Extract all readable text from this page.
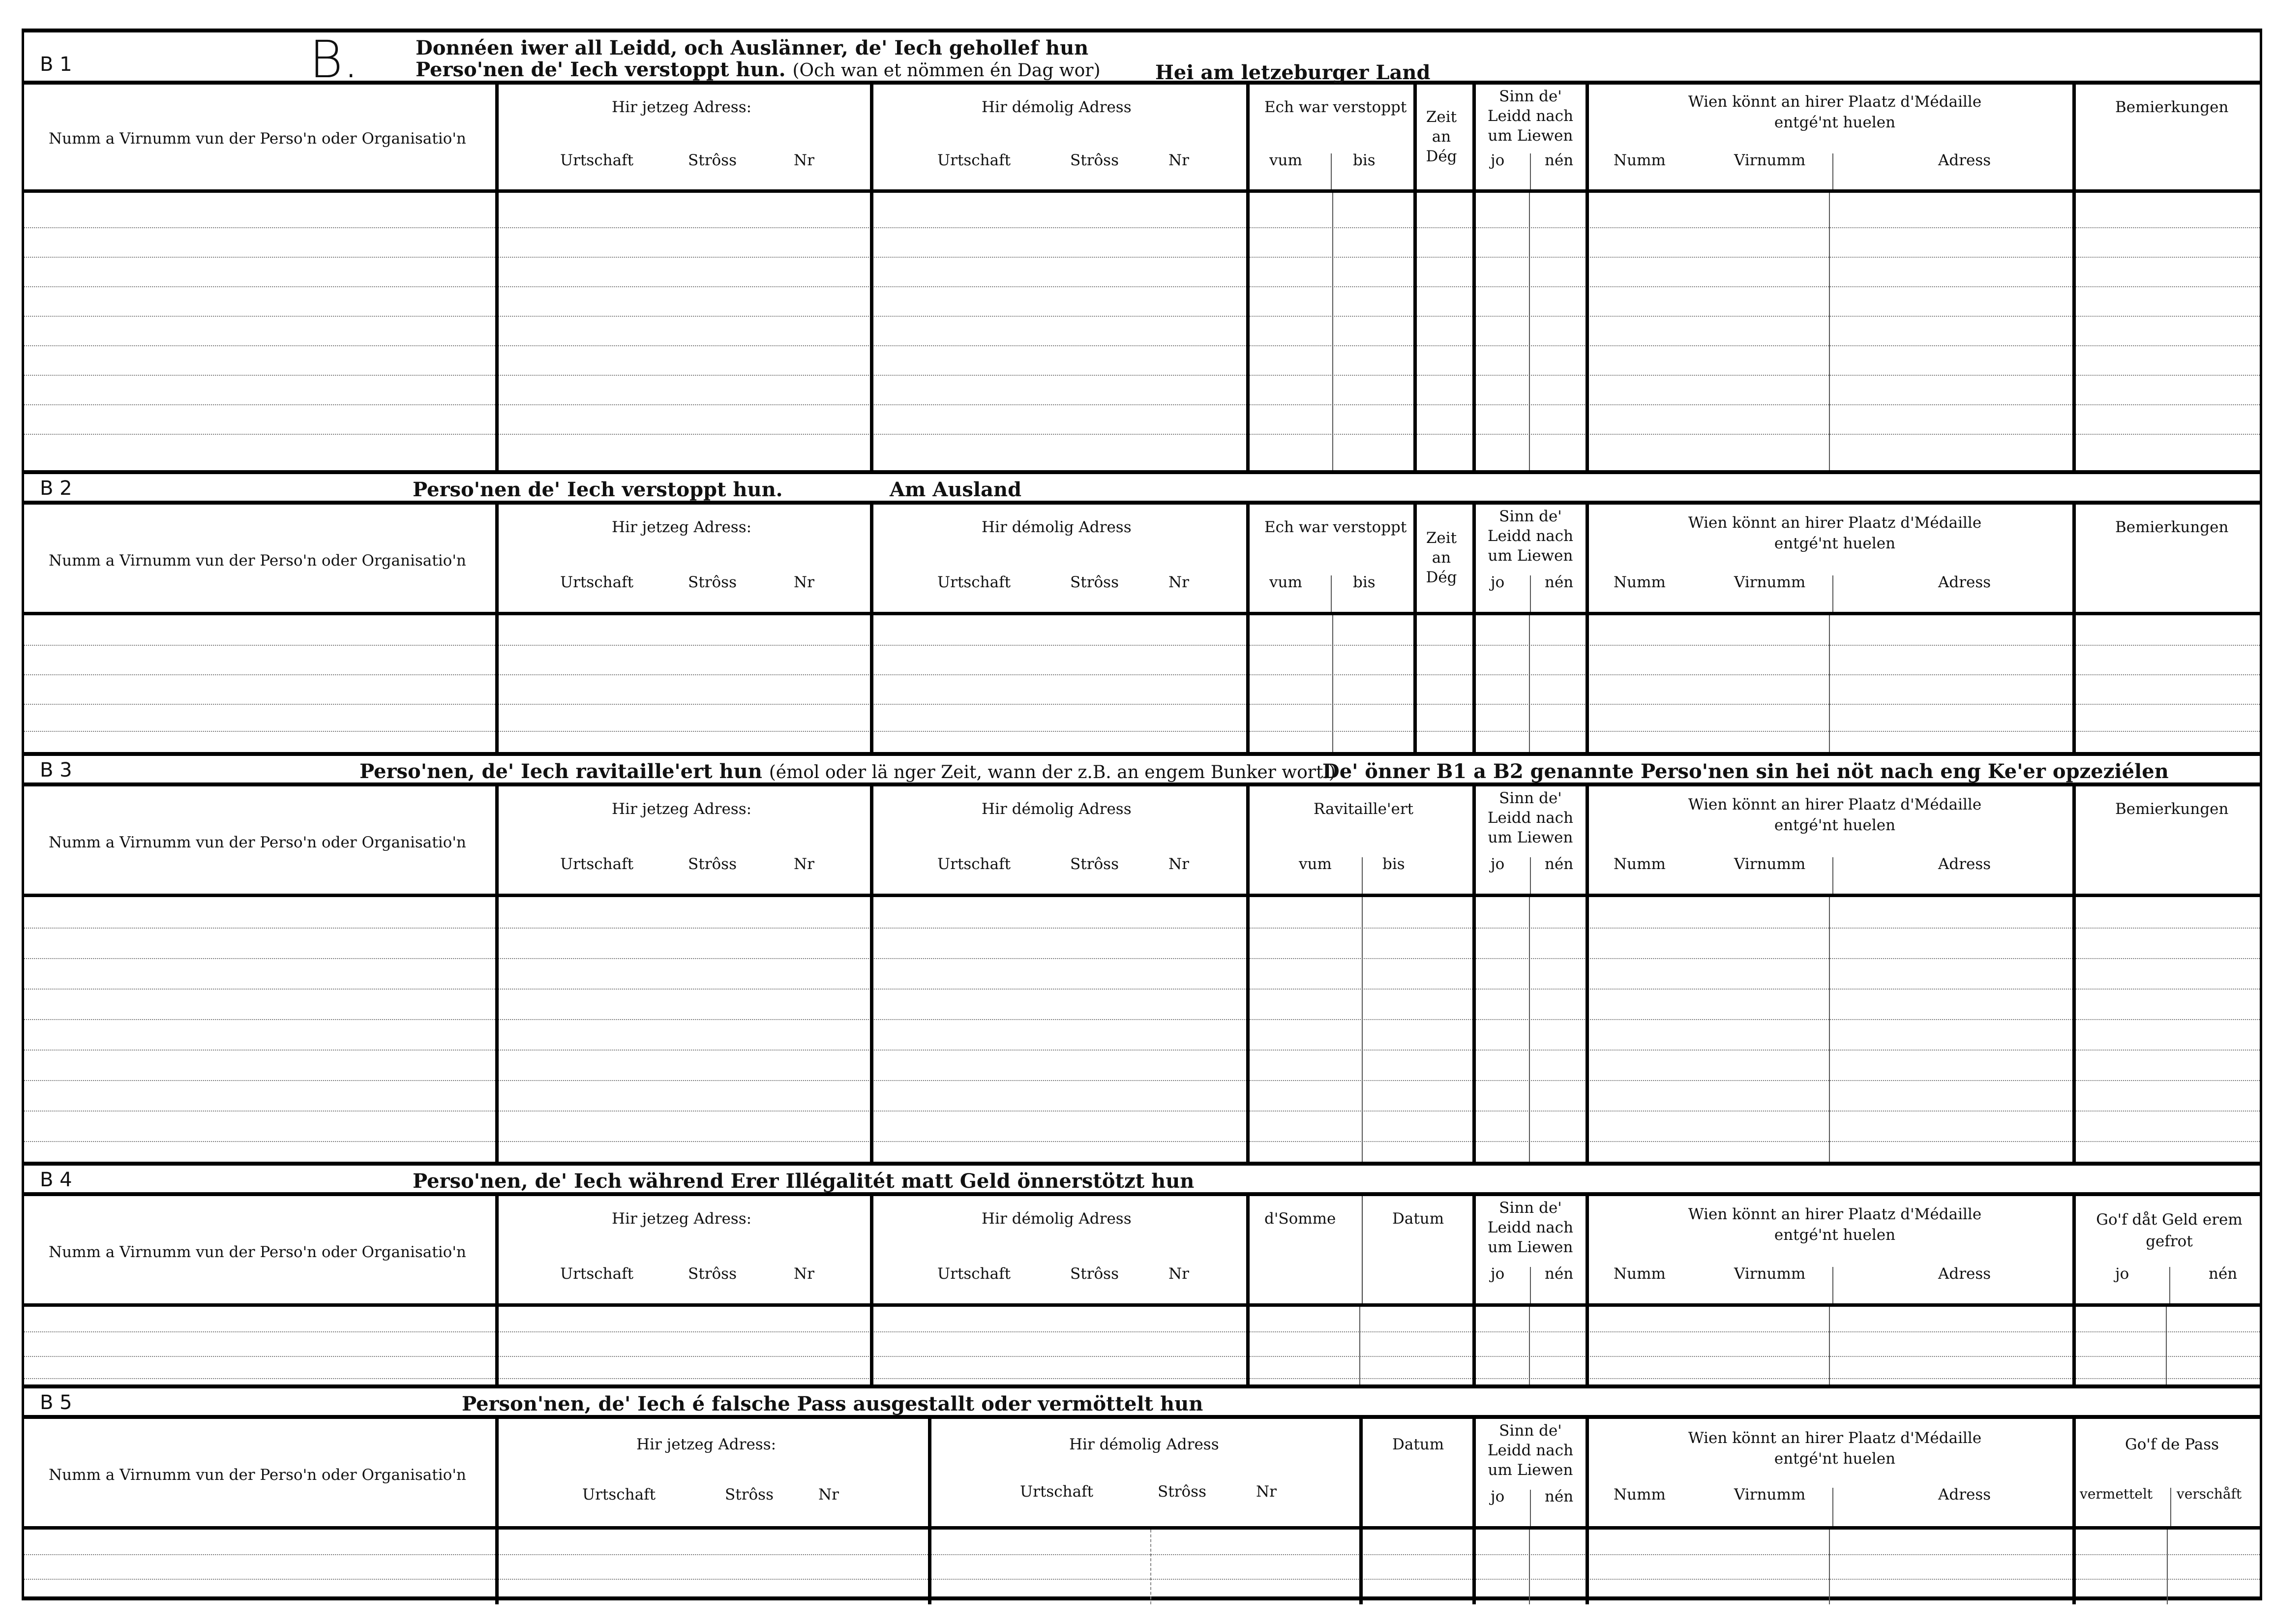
B 1	B.	Donnéen iwer all Leidd, och Auslänner, de' Iech gehollef hun
Perso'nen de' Iech verstoppt hun. (Och wan et nömmen én Dag wor)	Hei am letzeburger Land
Numm a Virnumm vun der Perso'n oder Organisatio'n
Hir jetzeg Adress:
Urtschaft	Strôss	Nr
Hir démolig Adress
Urtschaft	Strôss	Nr
Ech war verstoppt
vum	bis
Zeit an Dég
Sinn de' Leidd nach um Liewen
jo	nén
Wien könnt an hirer Plaatz d'Médaille entgé'nt huelen
Numm	Virnumm	Adress
Bemierkungen
B 2	Perso'nen de' Iech verstoppt hun.	Am Ausland
Numm a Virnumm vun der Perso'n oder Organisatio'n
Hir jetzeg Adress:
Urtschaft	Strôss	Nr
Hir démolig Adress
Urtschaft	Strôss	Nr
Ech war verstoppt
vum	bis
Zeit an Dég
Sinn de' Leidd nach um Liewen
jo	nén
Wien könnt an hirer Plaatz d'Médaille entgé'nt huelen
Numm	Virnumm	Adress
Bemierkungen
B 3	Perso'nen, de' Iech ravitaille'ert hun (émol oder lä nger Zeit, wann der z.B. an engem Bunker wort.)
De' önner B1 a B2 genannte Perso'nen sin hei nöt nach eng Ke'er opzeziélen
Numm a Virnumm vun der Perso'n oder Organisatio'n
Hir jetzeg Adress:
Urtschaft	Strôss	Nr
Hir démolig Adress
Urtschaft	Strôss	Nr
Ravitaille'ert
vum	bis
Sinn de' Leidd nach um Liewen
jo	nén
Wien könnt an hirer Plaatz d'Médaille entgé'nt huelen
Numm	Virnumm	Adress
Bemierkungen
B 4	Perso'nen, de' Iech während Erer Illégalitét matt Geld önnerstötzt hun
Numm a Virnumm vun der Perso'n oder Organisatio'n
Hir jetzeg Adress:
Urtschaft	Strôss	Nr
Hir démolig Adress
Urtschaft	Strôss	Nr
d'Somme	Datum
Sinn de' Leidd nach um Liewen
jo	nén
Wien könnt an hirer Plaatz d'Médaille entgé'nt huelen
Numm	Virnumm	Adress
Go'f dåt Geld erem gefrot
jo	nén
B 5	Person'nen, de' Iech é falsche Pass ausgestallt oder vermöttelt hun
Numm a Virnumm vun der Perso'n oder Organisatio'n
Hir jetzeg Adress:
Urtschaft	Strôss	Nr
Hir démolig Adress
Urtschaft	Strôss	Nr
Datum
Sinn de' Leidd nach um Liewen
jo	nén
Wien könnt an hirer Plaatz d'Médaille entgé'nt huelen
Numm	Virnumm	Adress
Go'f de Pass
vermettelt verschåft
